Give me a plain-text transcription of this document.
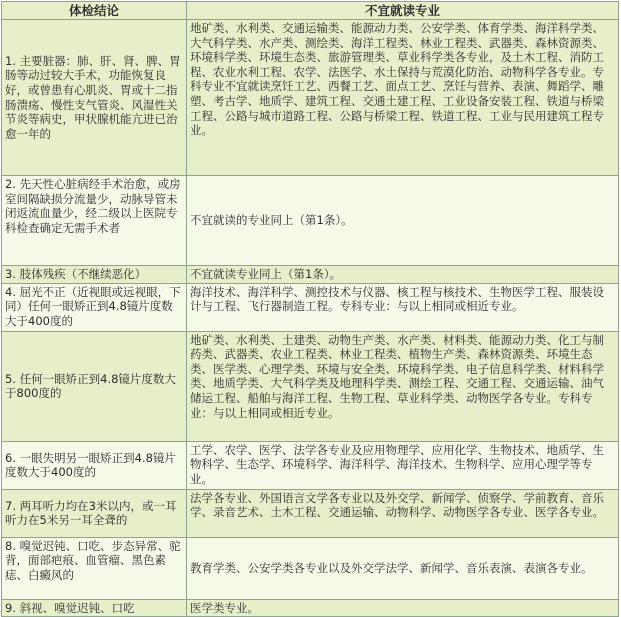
体检结论	不宜就读专业
1. 主要脏器：肺、肝、肾、脾、胃肠等动过较大手术，功能恢复良好，或曾患有心肌炎、胃或十二指肠溃疡、慢性支气管炎、风湿性关节炎等病史，甲状腺机能亢进已治愈一年的	地矿类、水利类、交通运输类、能源动力类、公安学类、体育学类、海洋科学类、大气科学类、水产类、测绘类、海洋工程类、林业工程类、武器类、森林资源类、环境科学类、环境生态类、旅游管理类、草业科学类各专业，及土木工程、消防工程、农业水利工程、农学、法医学、水土保持与荒漠化防治、动物科学各专业。专科专业不宜就读烹饪工艺、西餐工艺、面点工艺、烹饪与营养、表演、舞蹈学、雕塑、考古学、地质学、建筑工程、交通土建工程、工业设备安装工程、铁道与桥梁工程、公路与城市道路工程、公路与桥梁工程、铁道工程、工业与民用建筑工程专业。
2. 先天性心脏病经手术治愈，或房室间隔缺损分流量少，动脉导管未闭返流血量少，经二级以上医院专科检查确定无需手术者	不宜就读的专业同上（第1条）。
3. 肢体残疾（不继续恶化）	不宜就读专业同上（第1条）。
4. 屈光不正（近视眼或远视眼，下同）任何一眼矫正到4.8镜片度数大于400度的	海洋技术、海洋科学、测控技术与仪器、核工程与核技术、生物医学工程、服装设计与工程、飞行器制造工程。专科专业：与以上相同或相近专业。
5. 任何一眼矫正到4.8镜片度数大于800度的	地矿类、水利类、土建类、动物生产类、水产类、材料类、能源动力类、化工与制药类、武器类、农业工程类、林业工程类、植物生产类、森林资源类、环境生态类、医学类、心理学类、环境与安全类、环境科学类、电子信息科学类、材料科学类、地质学类、大气科学类及地理科学类、测绘工程、交通工程、交通运输、油气储运工程、船舶与海洋工程、生物工程、草业科学类、动物医学各专业。专科专业：与以上相同或相近专业。
6. 一眼失明另一眼矫正到4.8镜片度数大于400度的	工学、农学、医学、法学各专业及应用物理学、应用化学、生物技术、地质学、生物科学、生态学、环境科学、海洋科学、海洋技术、生物科学、应用心理学等专业。
7. 两耳听力均在3米以内，或一耳听力在5米另一耳全聋的	法学各专业、外国语言文学各专业以及外交学、新闻学、侦察学、学前教育、音乐学、录音艺术、土木工程、交通运输、动物科学、动物医学各专业、医学各专业。
8. 嗅觉迟钝、口吃、步态异常、驼背，面部疤痕、血管瘤、黑色素痣、白癜风的	教育学类、公安学类各专业以及外交学法学、新闻学、音乐表演、表演各专业。
9. 斜视、嗅觉迟钝、口吃	医学类专业。
